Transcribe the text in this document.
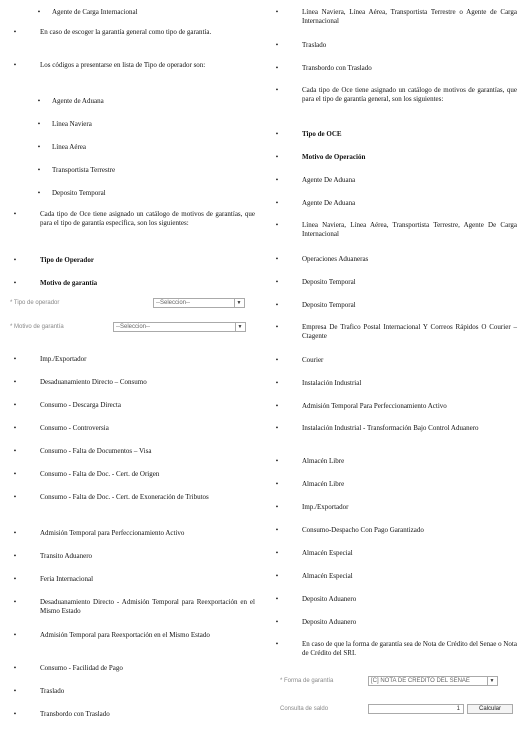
•	Agente de Carga Internacional
•	En caso de escoger la garantía general como tipo de garantía.
•	Los códigos a presentarse en lista de Tipo de operador son:
•	Agente de Aduana
•	Línea Naviera
•	Línea Aérea
•	Transportista Terrestre
•	Deposito Temporal
•	Cada tipo de Oce tiene asignado un catálogo de motivos de garantías, que para el tipo de garantía específica, son los siguientes:
•	Tipo de Operador
•	Motivo de garantía
•	Imp./Exportador
•	Desaduanamiento Directo – Consumo
•	Consumo - Descarga Directa
•	Consumo - Controversia
•	Consumo - Falta de Documentos – Visa
•	Consumo - Falta de Doc. - Cert. de Origen
•	Consumo - Falta de Doc. - Cert. de Exoneración de Tributos
•	Admisión Temporal para Perfeccionamiento Activo
•	Transito Aduanero
•	Feria Internacional
•	Desaduanamiento Directo - Admisión Temporal para Reexportación en el Mismo Estado
•	Admisión Temporal para Reexportación en el Mismo Estado
•	Consumo - Facilidad de Pago
•	Traslado
•	Transbordo con Traslado
•	Línea Naviera, Línea Aérea, Transportista Terrestre o Agente de Carga Internacional
•	Traslado
•	Transbordo con Traslado
•	Cada tipo de Oce tiene asignado un catálogo de motivos de garantías, que para el tipo de garantía general, son los siguientes:
•	Tipo de OCE
•	Motivo de Operación
•	Agente De Aduana
•	Agente De Aduana
•	Línea Naviera, Línea Aérea, Transportista Terrestre, Agente De Carga Internacional
•	Operaciones Aduaneras
•	Deposito Temporal
•	Deposito Temporal
•	Empresa De Trafico Postal Internacional Y Correos Rápidos O Courier – Ctagente
•	Courier
•	Instalación Industrial
•	Admisión Temporal Para Perfeccionamiento Activo
•	Instalación Industrial - Transformación Bajo Control Aduanero
•	Almacén Libre
•	Almacén Libre
•	Imp./Exportador
•	Consumo-Despacho Con Pago Garantizado
•	Almacén Especial
•	Almacén Especial
•	Deposito Aduanero
•	Deposito Aduanero
•	En caso de que la forma de garantía sea de Nota de Crédito del Senae o Nota de Crédito del SRI.
* Tipo de operador	--Seleccion--	▼
* Motivo de garantía	--Seleccion--	▼
* Forma de garantía	[C] NOTA DE CREDITO DEL SENAE	▼
Consulta de saldo	1	Calcular
